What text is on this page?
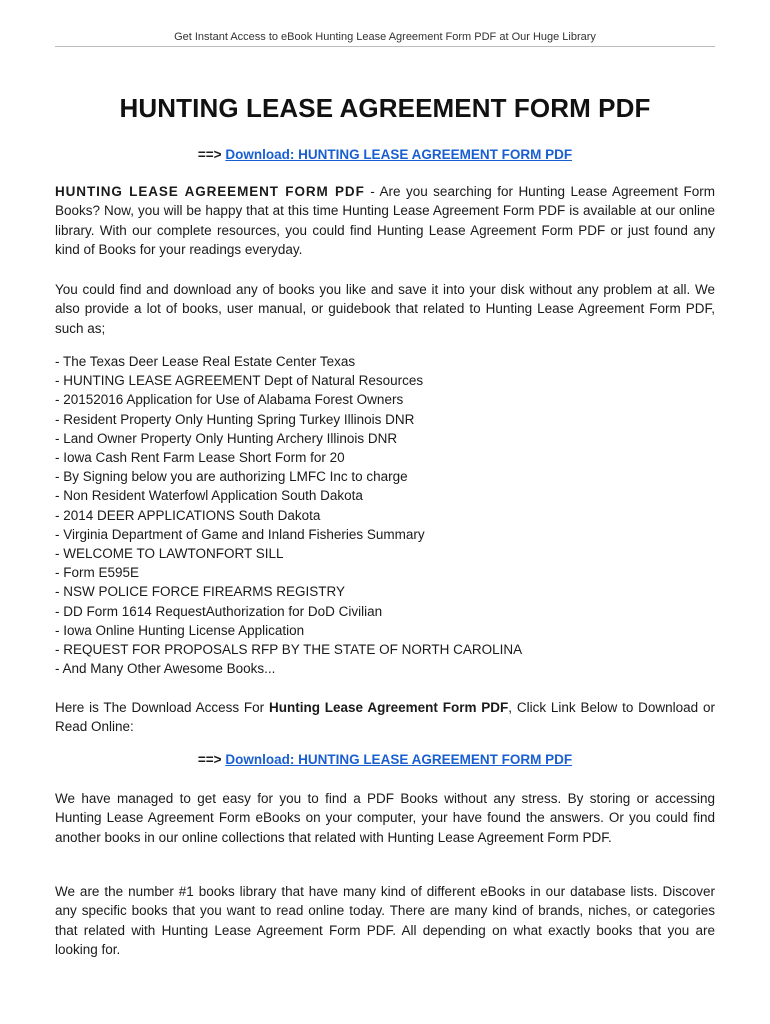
Get Instant Access to eBook Hunting Lease Agreement Form PDF at Our Huge Library
HUNTING LEASE AGREEMENT FORM PDF
==> Download: HUNTING LEASE AGREEMENT FORM PDF

HUNTING LEASE AGREEMENT FORM PDF - Are you searching for Hunting Lease Agreement Form Books? Now, you will be happy that at this time Hunting Lease Agreement Form PDF is available at our online library. With our complete resources, you could find Hunting Lease Agreement Form PDF or just found any kind of Books for your readings everyday.

You could find and download any of books you like and save it into your disk without any problem at all. We also provide a lot of books, user manual, or guidebook that related to Hunting Lease Agreement Form PDF, such as;

- The Texas Deer Lease Real Estate Center Texas
- HUNTING LEASE AGREEMENT Dept of Natural Resources
- 20152016 Application for Use of Alabama Forest Owners
- Resident Property Only Hunting Spring Turkey Illinois DNR
- Land Owner Property Only Hunting Archery Illinois DNR
- Iowa Cash Rent Farm Lease Short Form for 20
- By Signing below you are authorizing LMFC Inc to charge
- Non Resident Waterfowl Application South Dakota
- 2014 DEER APPLICATIONS South Dakota
- Virginia Department of Game and Inland Fisheries Summary
- WELCOME TO LAWTONFORT SILL
- Form E595E
- NSW POLICE FORCE FIREARMS REGISTRY
- DD Form 1614 RequestAuthorization for DoD Civilian
- Iowa Online Hunting License Application
- REQUEST FOR PROPOSALS RFP BY THE STATE OF NORTH CAROLINA
- And Many Other Awesome Books...

Here is The Download Access For Hunting Lease Agreement Form PDF, Click Link Below to Download or Read Online:

==> Download: HUNTING LEASE AGREEMENT FORM PDF

We have managed to get easy for you to find a PDF Books without any stress. By storing or accessing Hunting Lease Agreement Form eBooks on your computer, your have found the answers. Or you could find another books in our online collections that related with Hunting Lease Agreement Form PDF.

We are the number #1 books library that have many kind of different eBooks in our database lists. Discover any specific books that you want to read online today. There are many kind of brands, niches, or categories that related with Hunting Lease Agreement Form PDF. All depending on what exactly books that you are looking for.
